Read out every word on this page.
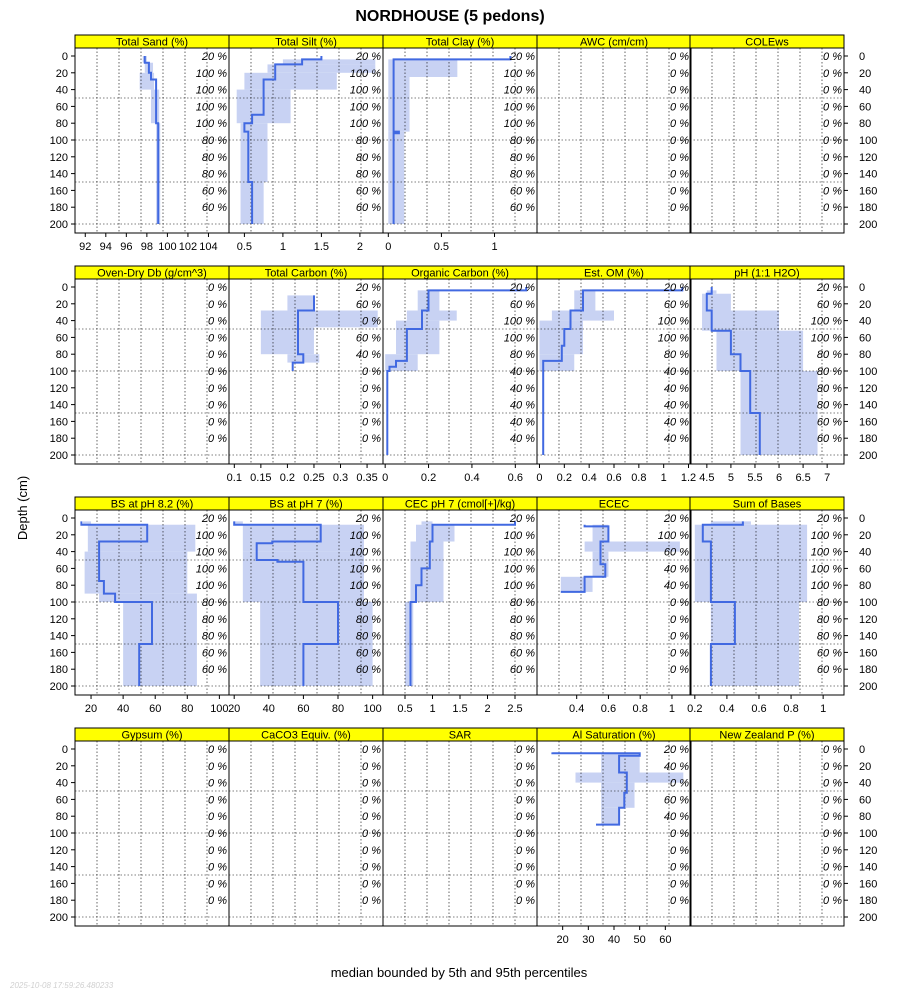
NORDHOUSE (5 pedons)
Depth (cm)
median bounded by 5th and 95th percentiles
2025-10-08 17:59:26.480233
Total Sand (%)
20 %
100 %
100 %
100 %
100 %
80 %
80 %
80 %
60 %
60 %
0
20
40
60
80
100
120
140
160
180
200
92 94 96 98 100 102 104
Total Silt (%)
20 %
100 %
100 %
100 %
100 %
80 %
80 %
80 %
60 %
60 %
0.5	1	1.5	2
Total Clay (%)
20 %
100 %
100 %
100 %
100 %
80 %
80 %
80 %
60 %
60 %
0	0.5	1
AWC (cm/cm)
0 %
0 %
0 %
0 %
0 %
0 %
0 %
0 %
0 %
0 %
COLEws
0 %
0 %
0 %
0 %
0 %
0 %
0 %
0 %
0 %
0 %
0
20
40
60
80
100
120
140
160
180
200
Oven-Dry Db (g/cm^3)
0 %
0 %
0 %
0 %
0 %
0 %
0 %
0 %
0 %
0 %
0
20
40
60
80
100
120
140
160
180
200
Total Carbon (%)
20 %
60 %
0 %
60 %
40 %
0 %
0 %
0 %
0 %
0 %
0.1 0.15 0.2 0.25 0.3 0.35
Organic Carbon (%)
20 %
60 %
100 %
100 %
80 %
40 %
40 %
40 %
40 %
40 %
0	0.2	0.4	0.6
Est. OM (%)
20 %
60 %
100 %
100 %
80 %
40 %
40 %
40 %
40 %
40 %
0 0.2 0.4 0.6 0.8 1 1.2
pH (1:1 H2O)
20 %
60 %
100 %
100 %
80 %
80 %
80 %
80 %
60 %
60 %
0
20
40
60
80
100
120
140
160
180
200
4.5 5 5.5 6 6.5 7
BS at pH 8.2 (%)
20 %
100 %
100 %
100 %
100 %
80 %
80 %
80 %
60 %
60 %
0
20
40
60
80
100
120
140
160
180
200
20 40 60 80 100
BS at pH 7 (%)
20 %
100 %
100 %
100 %
100 %
80 %
80 %
80 %
60 %
60 %
20 40 60 80 100
CEC pH 7 (cmol[+]/kg)
20 %
100 %
100 %
100 %
100 %
80 %
80 %
80 %
60 %
60 %
0.5 1 1.5 2 2.5
ECEC
20 %
100 %
60 %
40 %
40 %
0 %
0 %
0 %
0 %
0 %
0.4 0.6 0.8 1
Sum of Bases
20 %
100 %
100 %
100 %
100 %
80 %
80 %
80 %
60 %
60 %
0
20
40
60
80
100
120
140
160
180
200
0.2 0.4 0.6 0.8 1
Gypsum (%)
0 %
0 %
0 %
0 %
0 %
0 %
0 %
0 %
0 %
0 %
0
20
40
60
80
100
120
140
160
180
200
CaCO3 Equiv. (%)
0 %
0 %
0 %
0 %
0 %
0 %
0 %
0 %
0 %
0 %
SAR
0 %
0 %
0 %
0 %
0 %
0 %
0 %
0 %
0 %
0 %
Al Saturation (%)
20 %
40 %
0 %
60 %
40 %
0 %
0 %
0 %
0 %
0 %
20 30 40 50 60
New Zealand P (%)
0 %
0 %
0 %
0 %
0 %
0 %
0 %
0 %
0 %
0 %
0
20
40
60
80
100
120
140
160
180
200
